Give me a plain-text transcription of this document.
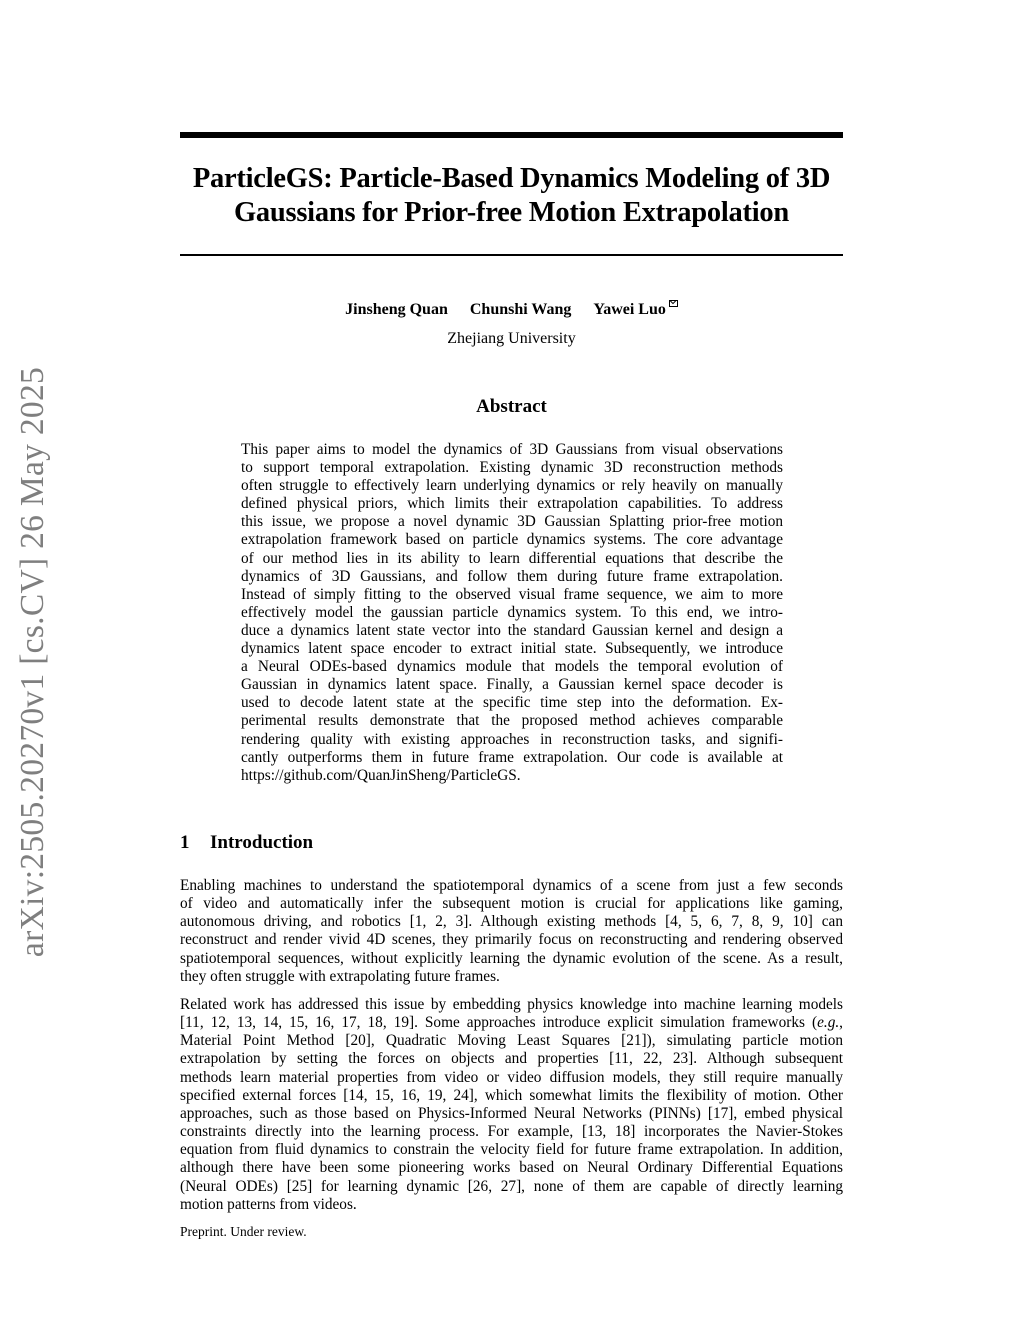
arXiv:2505.20270v1 [cs.CV] 26 May 2025
ParticleGS: Particle-Based Dynamics Modeling of 3D
Gaussians for Prior-free Motion Extrapolation
Jinsheng Quan Chunshi Wang Yawei Luo
Zhejiang University
Abstract
This paper aims to model the dynamics of 3D Gaussians from visual observations
to support temporal extrapolation. Existing dynamic 3D reconstruction methods
often struggle to effectively learn underlying dynamics or rely heavily on manually
defined physical priors, which limits their extrapolation capabilities. To address
this issue, we propose a novel dynamic 3D Gaussian Splatting prior-free motion
extrapolation framework based on particle dynamics systems. The core advantage
of our method lies in its ability to learn differential equations that describe the
dynamics of 3D Gaussians, and follow them during future frame extrapolation.
Instead of simply fitting to the observed visual frame sequence, we aim to more
effectively model the gaussian particle dynamics system. To this end, we intro-
duce a dynamics latent state vector into the standard Gaussian kernel and design a
dynamics latent space encoder to extract initial state. Subsequently, we introduce
a Neural ODEs-based dynamics module that models the temporal evolution of
Gaussian in dynamics latent space. Finally, a Gaussian kernel space decoder is
used to decode latent state at the specific time step into the deformation. Ex-
perimental results demonstrate that the proposed method achieves comparable
rendering quality with existing approaches in reconstruction tasks, and signifi-
cantly outperforms them in future frame extrapolation. Our code is available at
https://github.com/QuanJinSheng/ParticleGS.
1 Introduction
Enabling machines to understand the spatiotemporal dynamics of a scene from just a few seconds
of video and automatically infer the subsequent motion is crucial for applications like gaming,
autonomous driving, and robotics [1, 2, 3]. Although existing methods [4, 5, 6, 7, 8, 9, 10] can
reconstruct and render vivid 4D scenes, they primarily focus on reconstructing and rendering observed
spatiotemporal sequences, without explicitly learning the dynamic evolution of the scene. As a result,
they often struggle with extrapolating future frames.
Related work has addressed this issue by embedding physics knowledge into machine learning models
[11, 12, 13, 14, 15, 16, 17, 18, 19]. Some approaches introduce explicit simulation frameworks (e.g.,
Material Point Method [20], Quadratic Moving Least Squares [21]), simulating particle motion
extrapolation by setting the forces on objects and properties [11, 22, 23]. Although subsequent
methods learn material properties from video or video diffusion models, they still require manually
specified external forces [14, 15, 16, 19, 24], which somewhat limits the flexibility of motion. Other
approaches, such as those based on Physics-Informed Neural Networks (PINNs) [17], embed physical
constraints directly into the learning process. For example, [13, 18] incorporates the Navier-Stokes
equation from fluid dynamics to constrain the velocity field for future frame extrapolation. In addition,
although there have been some pioneering works based on Neural Ordinary Differential Equations
(Neural ODEs) [25] for learning dynamic [26, 27], none of them are capable of directly learning
motion patterns from videos.
Preprint. Under review.
